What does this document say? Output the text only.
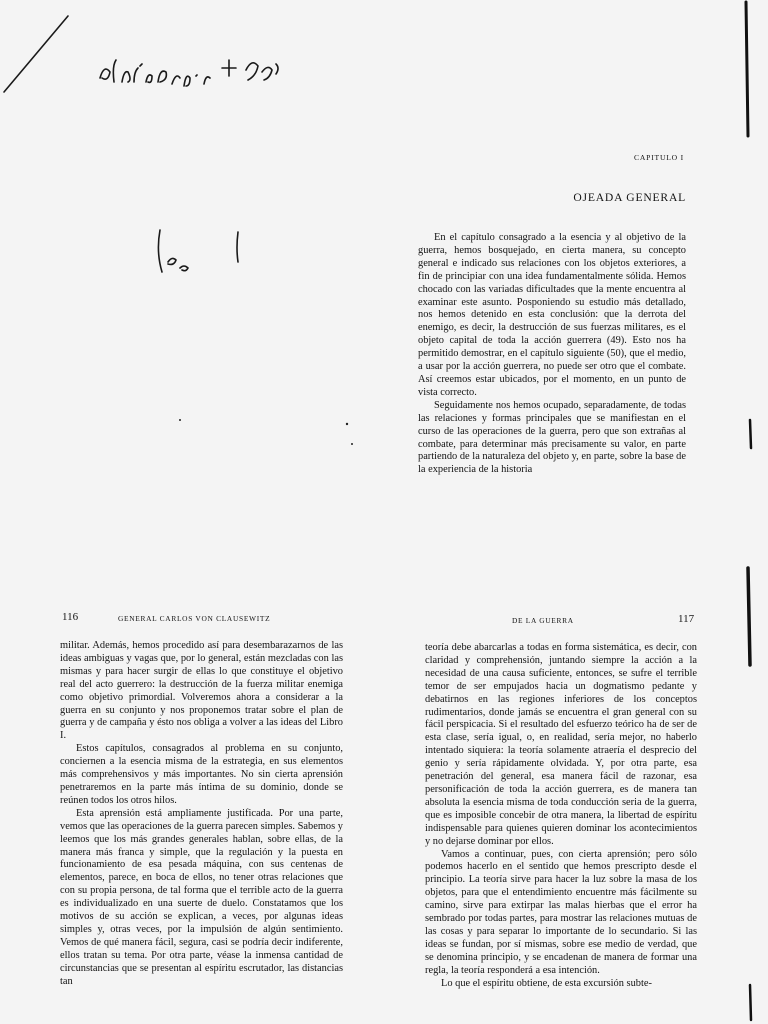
CAPITULO I
OJEADA GENERAL

En el capítulo consagrado a la esencia y al objetivo de la guerra, hemos bosquejado, en cierta manera, su concepto general e indicado sus relaciones con los objetos exteriores, a fin de principiar con una idea fundamentalmente sólida. Hemos chocado con las variadas dificultades que la mente encuentra al examinar este asunto. Posponiendo su estudio más detallado, nos hemos detenido en esta conclusión: que la derrota del enemigo, es decir, la destrucción de sus fuerzas militares, es el objeto capital de toda la acción guerrera (49). Esto nos ha permitido demostrar, en el capítulo siguiente (50), que el medio, a usar por la acción guerrera, no puede ser otro que el combate. Así creemos estar ubicados, por el momento, en un punto de vista correcto.

Seguidamente nos hemos ocupado, separadamente, de todas las relaciones y formas principales que se manifiestan en el curso de las operaciones de la guerra, pero que son extrañas al combate, para determinar más precisamente su valor, en parte partiendo de la naturaleza del objeto y, en parte, sobre la base de la experiencia de la historia

116	GENERAL CARLOS VON CLAUSEWITZ

militar. Además, hemos procedido así para desembarazarnos de las ideas ambiguas y vagas que, por lo general, están mezcladas con las mismas y para hacer surgir de ellas lo que constituye el objetivo real del acto guerrero: la destrucción de la fuerza militar enemiga como objetivo primordial. Volveremos ahora a considerar a la guerra en su conjunto y nos proponemos tratar sobre el plan de guerra y de campaña y ésto nos obliga a volver a las ideas del Libro I.

Estos capítulos, consagrados al problema en su conjunto, conciernen a la esencia misma de la estrategia, en sus elementos más comprehensivos y más importantes. No sin cierta aprensión penetraremos en la parte más íntima de su dominio, donde se reúnen todos los otros hilos.

Esta aprensión está ampliamente justificada. Por una parte, vemos que las operaciones de la guerra parecen simples. Sabemos y leemos que los más grandes generales hablan, sobre ellas, de la manera más franca y simple, que la regulación y la puesta en funcionamiento de esa pesada máquina, con sus centenas de elementos, parece, en boca de ellos, no tener otras relaciones que con su propia persona, de tal forma que el terrible acto de la guerra es individualizado en una suerte de duelo. Constatamos que los motivos de su acción se explican, a veces, por algunas ideas simples y, otras veces, por la impulsión de algún sentimiento. Vemos de qué manera fácil, segura, casi se podría decir indiferente, ellos tratan su tema. Por otra parte, véase la inmensa cantidad de circunstancias que se presentan al espíritu escrutador, las distancias tan

DE LA GUERRA	117

teoría debe abarcarlas a todas en forma sistemática, es decir, con claridad y comprehensión, juntando siempre la acción a la necesidad de una causa suficiente, entonces, se sufre el terrible temor de ser empujados hacia un dogmatismo pedante y debatirnos en las regiones inferiores de los conceptos rudimentarios, donde jamás se encuentra el gran general con su fácil perspicacia. Si el resultado del esfuerzo teórico ha de ser de esta clase, sería igual, o, en realidad, sería mejor, no haberlo intentado siquiera: la teoría solamente atraería el desprecio del genio y sería rápidamente olvidada. Y, por otra parte, esa penetración del general, esa manera fácil de razonar, esa personificación de toda la acción guerrera, es de manera tan absoluta la esencia misma de toda conducción seria de la guerra, que es imposible concebir de otra manera, la libertad de espíritu indispensable para quienes quieren dominar los acontecimientos y no dejarse dominar por ellos.

Vamos a continuar, pues, con cierta aprensión; pero sólo podemos hacerlo en el sentido que hemos prescripto desde el principio. La teoría sirve para hacer la luz sobre la masa de los objetos, para que el entendimiento encuentre más fácilmente su camino, sirve para extirpar las malas hierbas que el error ha sembrado por todas partes, para mostrar las relaciones mutuas de las cosas y para separar lo importante de lo secundario. Si las ideas se fundan, por sí mismas, sobre ese medio de verdad, que se denomina principio, y se encadenan de manera de formar una regla, la teoría responderá a esa intención.

Lo que el espíritu obtiene, de esta excursión subte-
